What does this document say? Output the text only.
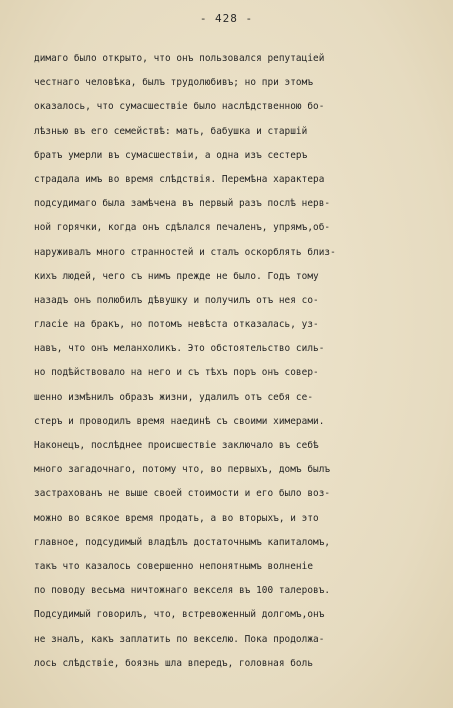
- 428 -
димаго было открыто, что онъ пользовался репутацiей
честнаго человѣка, былъ трудолюбивъ; но при этомъ
оказалось, что сумасшествiе было наслѣдственною бо-
лѣзнью въ его семействѣ: мать, бабушка и старшiй
братъ умерли въ сумасшествiи, а одна изъ сестеръ
страдала имъ во время слѣдствiя. Перемѣна характера
подсудимаго была замѣчена въ первый разъ послѣ нерв-
ной горячки, когда онъ сдѣлался печаленъ, упрямъ,об-
наруживалъ много странностей и сталъ оскорблять близ-
кихъ людей, чего съ нимъ прежде не было. Годъ тому
назадъ онъ полюбилъ дѣвушку и получилъ отъ нея со-
гласiе на бракъ, но потомъ невѣста отказалась, уз-
навъ, что онъ меланхоликъ. Это обстоятельство силь-
но подѣйствовало на него и съ тѣхъ поръ онъ совер-
шенно измѣнилъ образъ жизни, удалилъ отъ себя се-
стеръ и проводилъ время наединѣ съ своими химерами.
Наконецъ, послѣднее происшествiе заключало въ себѣ
много загадочнаго, потому что, во первыхъ, домъ былъ
застрахованъ не выше своей стоимости и его было воз-
можно во всякое время продать, а во вторыхъ, и это
главное, подсудимый владѣлъ достаточнымъ капиталомъ,
такъ что казалось совершенно непонятнымъ волненiе
по поводу весьма ничтожнаго векселя въ 100 талеровъ.
Подсудимый говорилъ, что, встревоженный долгомъ,онъ
не зналъ, какъ заплатить по векселю. Пока продолжа-
лось слѣдствiе, боязнь шла впередъ, головная боль
